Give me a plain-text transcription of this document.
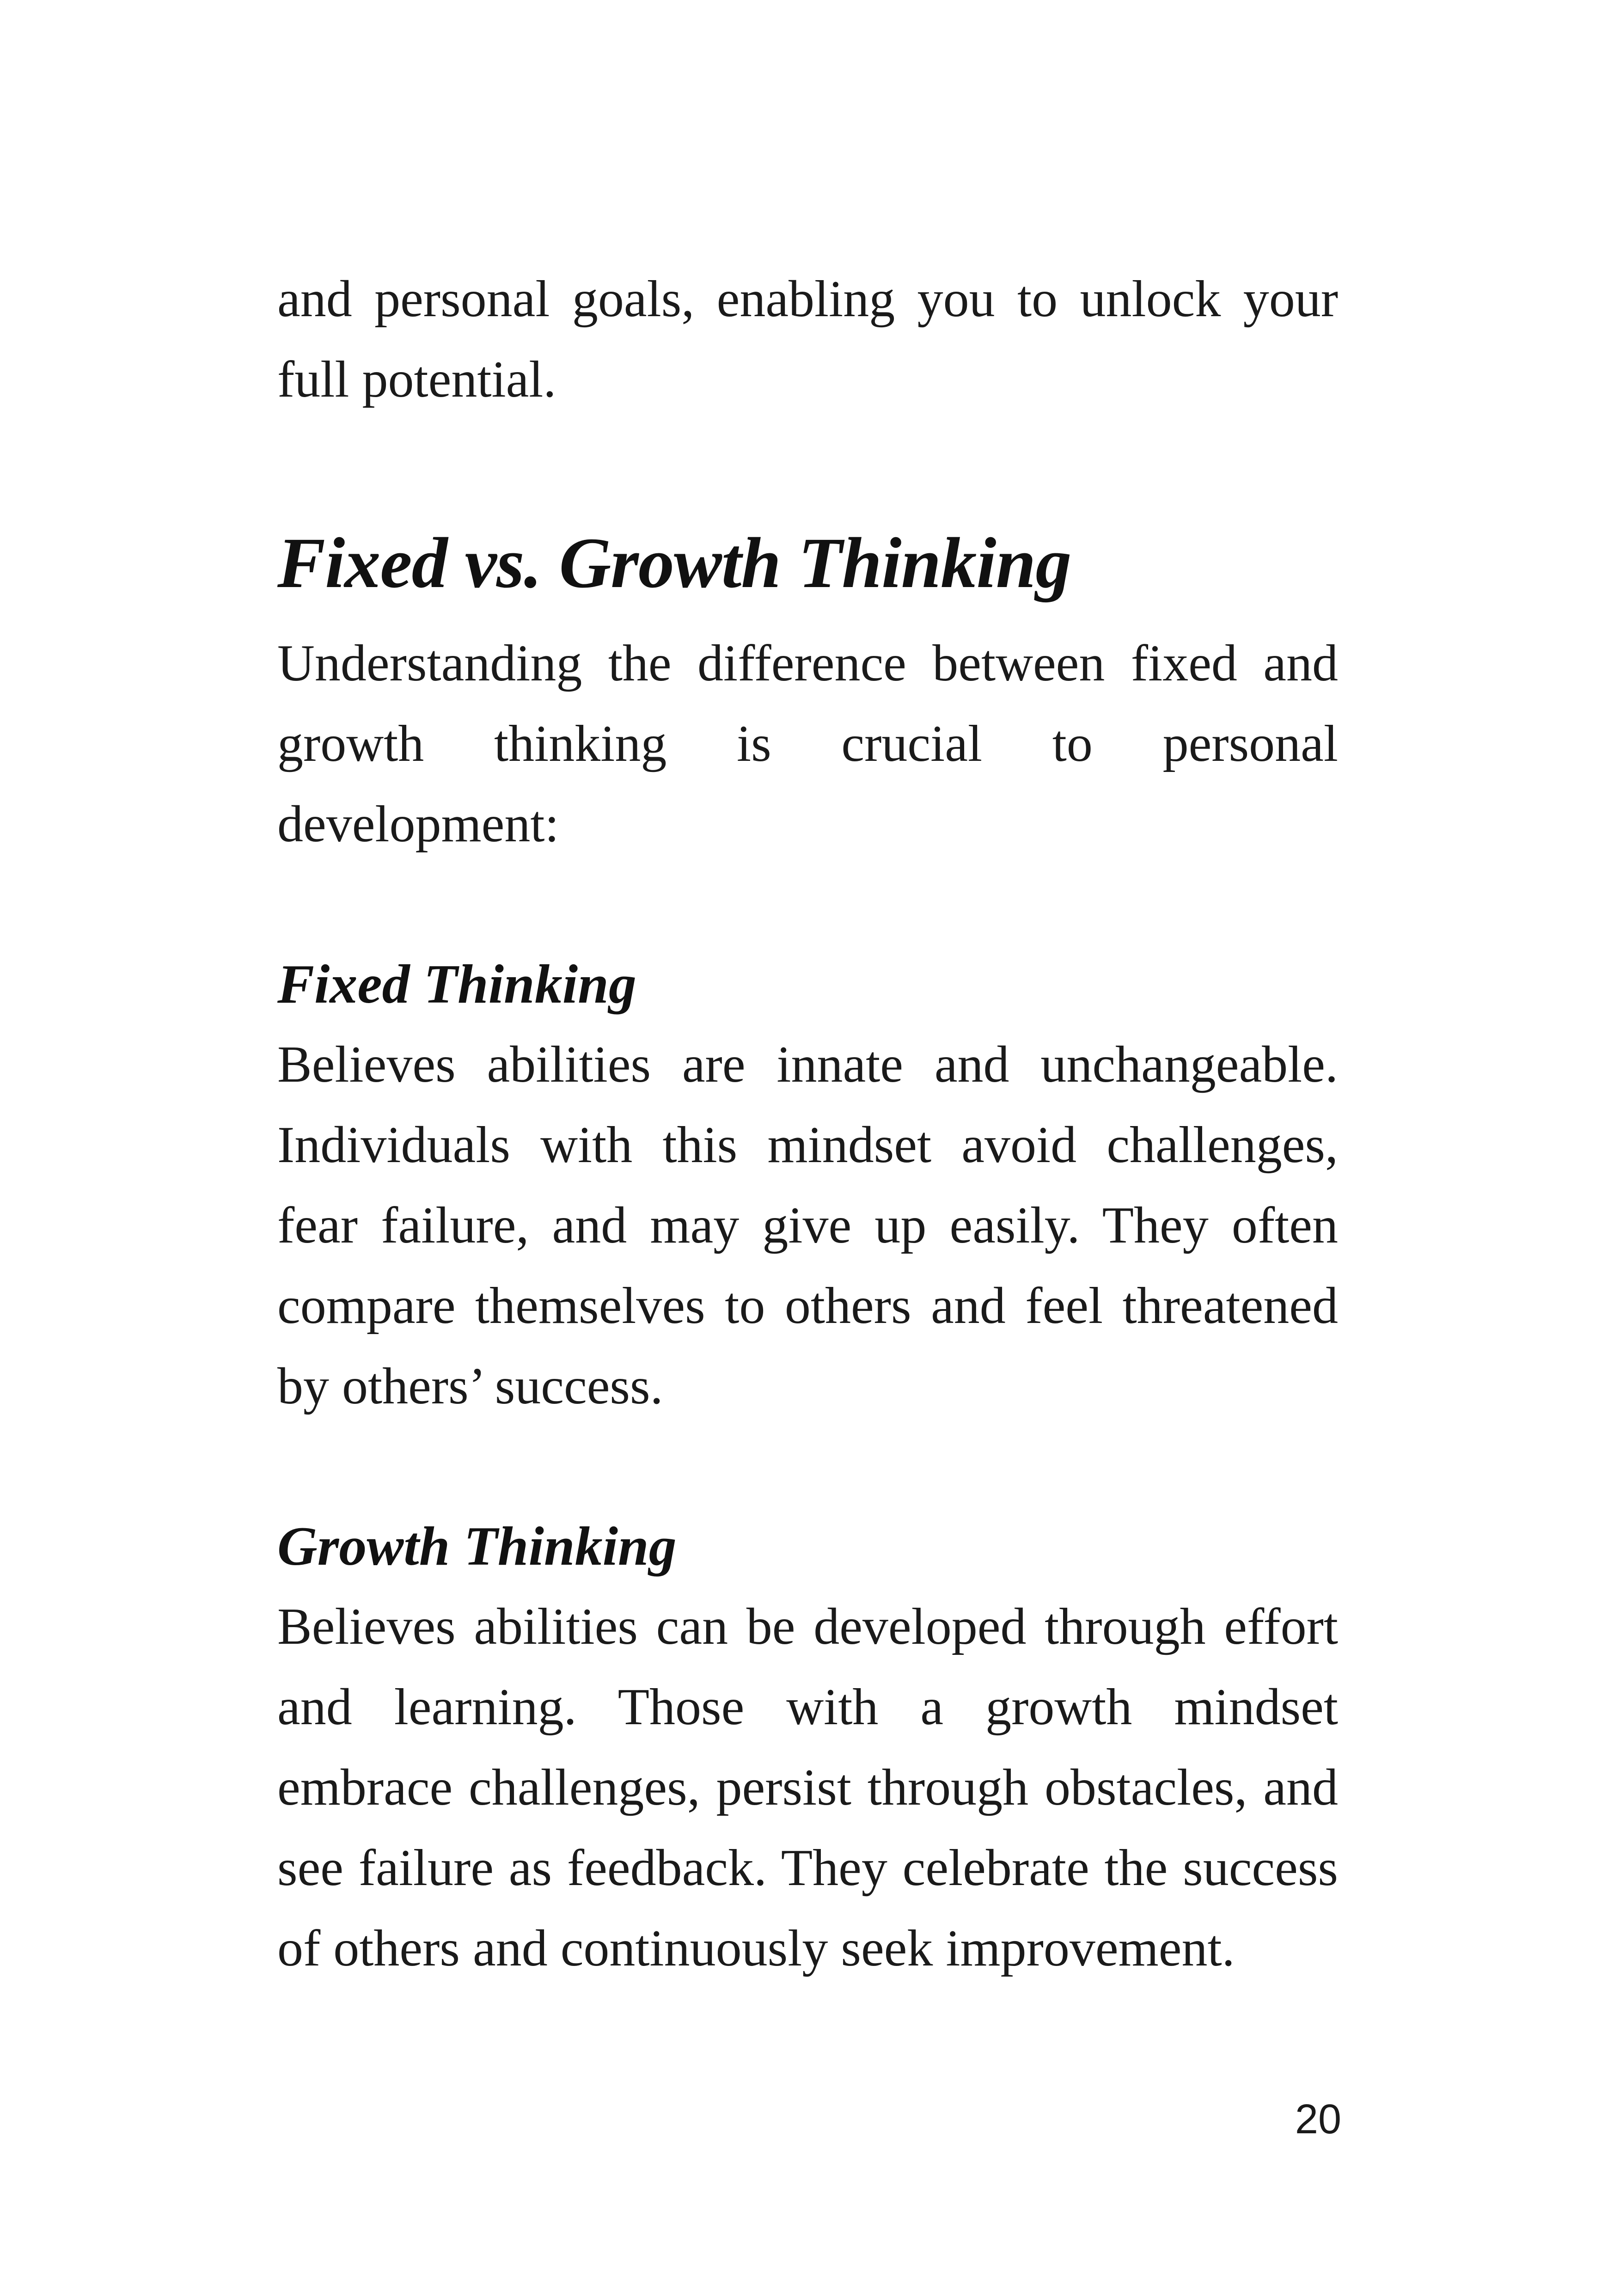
and personal goals, enabling you to unlock your full potential.

Fixed vs. Growth Thinking

Understanding the difference between fixed and growth thinking is crucial to personal development:

Fixed Thinking

Believes abilities are innate and unchangeable. Individuals with this mindset avoid challenges, fear failure, and may give up easily. They often compare themselves to others and feel threatened by others’ success.

Growth Thinking

Believes abilities can be developed through effort and learning. Those with a growth mindset embrace challenges, persist through obstacles, and see failure as feedback. They celebrate the success of others and continuously seek improvement.

20
